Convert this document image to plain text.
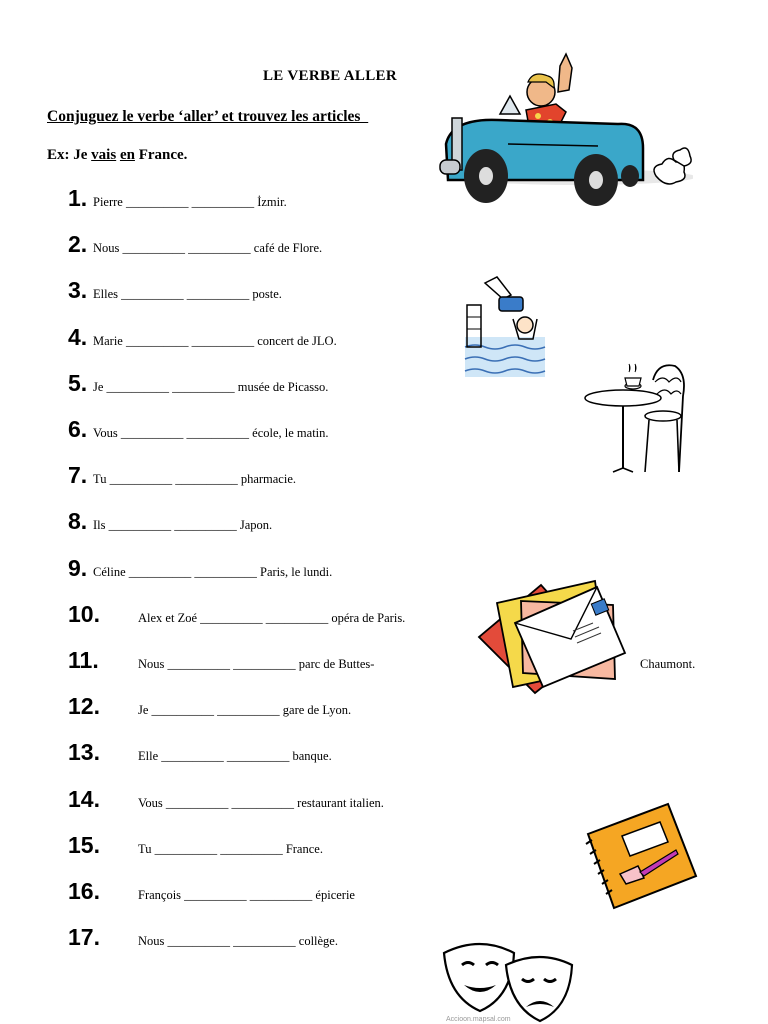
LE VERBE ALLER
Conjuguez le verbe ‘aller’ et trouvez les articles
Ex: Je vais en France.
1. Pierre __________ __________ İzmir.
2. Nous __________ __________ café de Flore.
3. Elles __________ __________ poste.
4. Marie __________ __________ concert de JLO.
5. Je __________ __________ musée de Picasso.
6. Vous __________ __________ école, le matin.
7. Tu __________ __________ pharmacie.
8. Ils __________ __________ Japon.
9. Céline __________ __________ Paris, le lundi.
10.	Alex et Zoé __________ __________ opéra de Paris.
11.	Nous __________ __________ parc de Buttes-	Chaumont.
12.	Je __________ __________ gare de Lyon.
13.	Elle __________ __________ banque.
14.	Vous __________ __________ restaurant italien.
15.	Tu __________ __________ France.
16.	François __________ __________ épicerie
17.	Nous __________ __________ collège.
Accioon.mapsal.com
